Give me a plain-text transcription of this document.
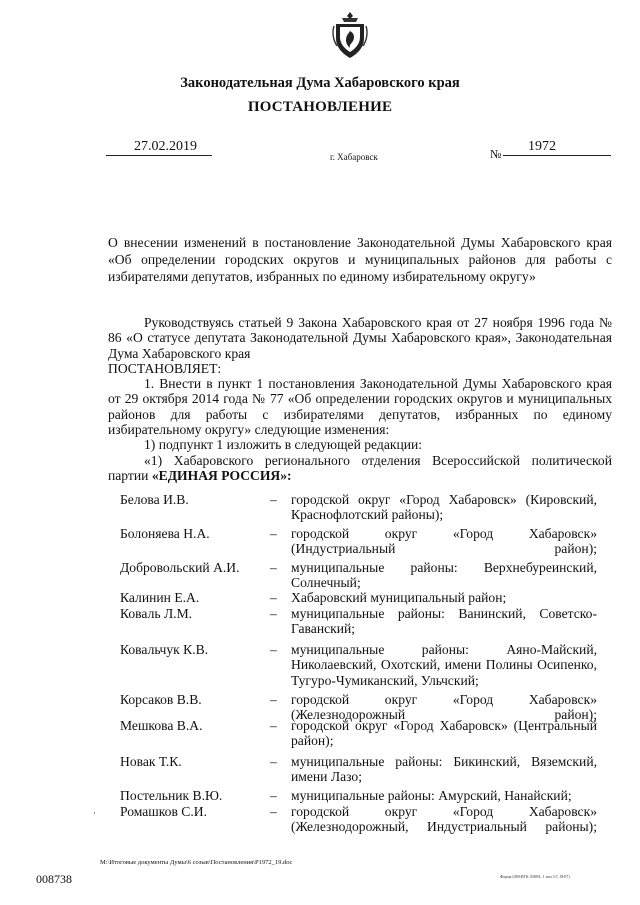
Законодательная Дума Хабаровского края
ПОСТАНОВЛЕНИЕ
27.02.2019
г. Хабаровск	№ 1972
О внесении изменений в постановление Законодательной Думы Хабаровского края «Об определении городских округов и муниципальных районов для работы с избирателями депутатов, избранных по единому избирательному округу»

Руководствуясь статьей 9 Закона Хабаровского края от 27 ноября 1996 года № 86 «О статусе депутата Законодательной Думы Хабаровского края», Законодательная Дума Хабаровского края

ПОСТАНОВЛЯЕТ:

1. Внести в пункт 1 постановления Законодательной Думы Хабаровского края от 29 октября 2014 года № 77 «Об определении городских округов и муниципальных районов для работы с избирателями депутатов, избранных по единому избирательному округу» следующие изменения:

1) подпункт 1 изложить в следующей редакции:

«1) Хабаровского регионального отделения Всероссийской политической партии «ЕДИНАЯ РОССИЯ»:

Белова И.В.	– городской округ «Город Хабаровск» (Кировский, Краснофлотский районы);
Болоняева Н.А.	– городской округ «Город Хабаровск» (Индустриальный район);
Добровольский А.И. – муниципальные районы: Верхнебуреинский, Солнечный;
Калинин Е.А.	– Хабаровский муниципальный район;
Коваль Л.М.	– муниципальные районы: Ванинский, Советско-Гаванский;
Ковальчук К.В.	– муниципальные районы: Аяно-Майский, Николаевский, Охотский, имени Полины Осипенко, Тугуро-Чумиканский, Ульчский;
Корсаков В.В.	– городской округ «Город Хабаровск» (Железнодорожный район);
Мешкова В.А.	– городской округ «Город Хабаровск» (Центральный район);
Новак Т.К.	– муниципальные районы: Бикинский, Вяземский, имени Лазо;
Постельник В.Ю.	– муниципальные районы: Амурский, Нанайский;
Ромашков С.И.	– городской округ «Город Хабаровск» (Железнодорожный, Индустриальный районы);
·
M:\Итоговые документы Думы\6 созыв\Постановления\P1972_19.doc
008738	Форма (000-ВГК 0389А. 1 тип 3 С 19/07)
